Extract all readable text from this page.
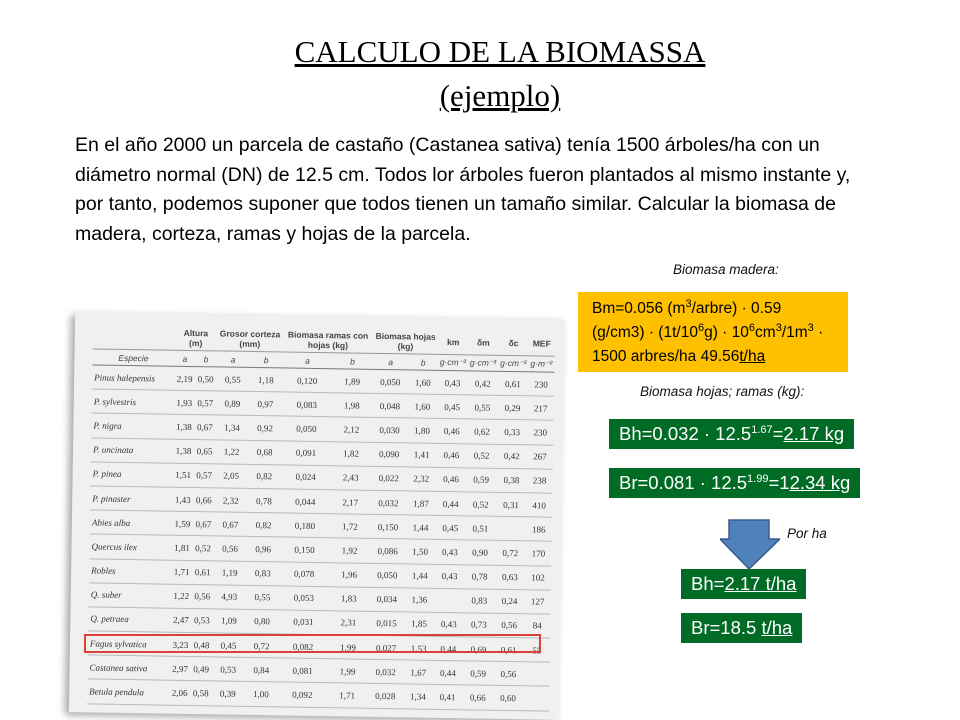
CALCULO DE LA BIOMASSA
(ejemplo)
En el año 2000 un parcela de castaño (Castanea sativa) tenía 1500 árboles/ha con un diámetro normal (DN) de 12.5 cm. Todos lor árboles fueron plantados al mismo instante y, por tanto, podemos suponer que todos tienen un tamaño similar. Calcular la biomasa de madera, corteza, ramas y hojas de la parcela.
Biomasa madera:
Bm=0.056 $(m^3/arbre) \cdot 0.59$ $(g/cm3) \cdot (1t/10^6g) \cdot 10^6cm^3/1m^3 \cdot 1500$ arbres/ha 49.56t/ha
Biomasa hojas; ramas (kg):
$Bh=0.032 \cdot 12.5^{1.67}=2.17$ kg
$Br=0.081 \cdot 12.5^{1.99}=12.34$ kg
Por ha
Bh=2.17 t/ha
Br=18.5 t/ha
	Altura (m)		Grosor corteza (mm)		Biomasa ramas con hojas (kg)		Biomasa hojas (kg)		km	δm	δc	MEF
Especie	a	b	a	b	a	b	a	b	g·cm⁻³	g·cm⁻³	g·cm⁻³	g·m⁻²
Pinus halepensis	2,19	0,50	0,55	1,18	0,120	1,89	0,050	1,60	0,43	0,42	0,61	230
P. sylvestris	1,93	0,57	0,89	0,97	0,083	1,98	0,048	1,60	0,45	0,55	0,29	217
P. nigra	1,38	0,67	1,34	0,92	0,050	2,12	0,030	1,80	0,46	0,62	0,33	230
P. uncinata	1,38	0,65	1,22	0,68	0,091	1,82	0,090	1,41	0,46	0,52	0,42	267
P. pinea	1,51	0,57	2,05	0,82	0,024	2,43	0,022	2,32	0,46	0,59	0,38	238
P. pinaster	1,43	0,66	2,32	0,78	0,044	2,17	0,032	1,87	0,44	0,52	0,31	410
Abies alba	1,59	0,67	0,67	0,82	0,180	1,72	0,150	1,44	0,45	0,51		186
Quercus ilex	1,81	0,52	0,56	0,96	0,150	1,92	0,086	1,50	0,43	0,90	0,72	170
Robles	1,71	0,61	1,19	0,83	0,078	1,96	0,050	1,44	0,43	0,78	0,63	102
Q. suber	1,22	0,56	4,93	0,55	0,053	1,83	0,034	1,36		0,83	0,24	127
Q. petraea	2,47	0,53	1,09	0,80	0,031	2,31	0,015	1,85	0,43	0,73	0,56	84
Fagus sylvatica	3,23	0,48	0,45	0,72	0,082	1,99	0,027	1,53	0,44	0,69	0,61	55
Castanea sativa	2,97	0,49	0,53	0,84	0,081	1,99	0,032	1,67	0,44	0,59	0,56	
Betula pendula	2,06	0,58	0,39	1,00	0,092	1,71	0,028	1,34	0,41	0,66	0,60	
